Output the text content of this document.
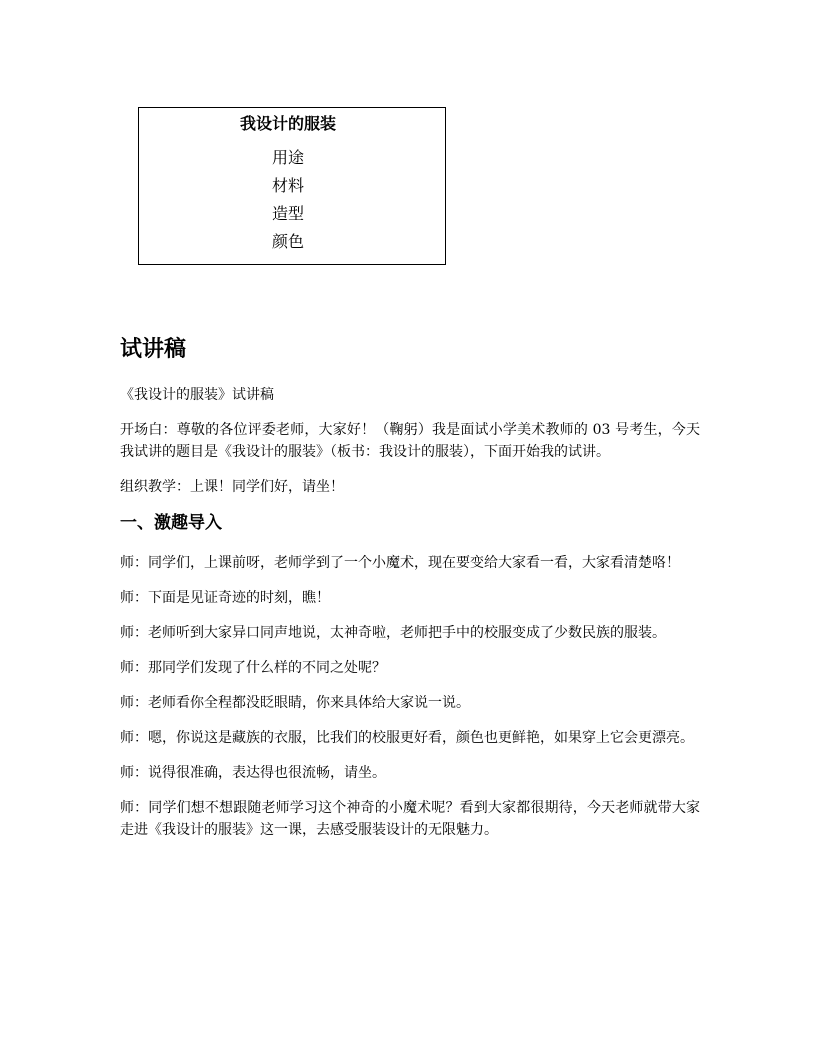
我设计的服装
用途
材料
造型
颜色
试讲稿

《我设计的服装》试讲稿

开场白：尊敬的各位评委老师，大家好！（鞠躬）我是面试小学美术教师的 03 号考生，今天我试讲的题目是《我设计的服装》（板书：我设计的服装），下面开始我的试讲。

组织教学：上课！同学们好，请坐！

一、激趣导入

师：同学们，上课前呀，老师学到了一个小魔术，现在要变给大家看一看，大家看清楚咯！

师：下面是见证奇迹的时刻，瞧！

师：老师听到大家异口同声地说，太神奇啦，老师把手中的校服变成了少数民族的服装。

师：那同学们发现了什么样的不同之处呢？

师：老师看你全程都没眨眼睛，你来具体给大家说一说。

师：嗯，你说这是藏族的衣服，比我们的校服更好看，颜色也更鲜艳，如果穿上它会更漂亮。

师：说得很准确，表达得也很流畅，请坐。

师：同学们想不想跟随老师学习这个神奇的小魔术呢？看到大家都很期待，今天老师就带大家走进《我设计的服装》这一课，去感受服装设计的无限魅力。
